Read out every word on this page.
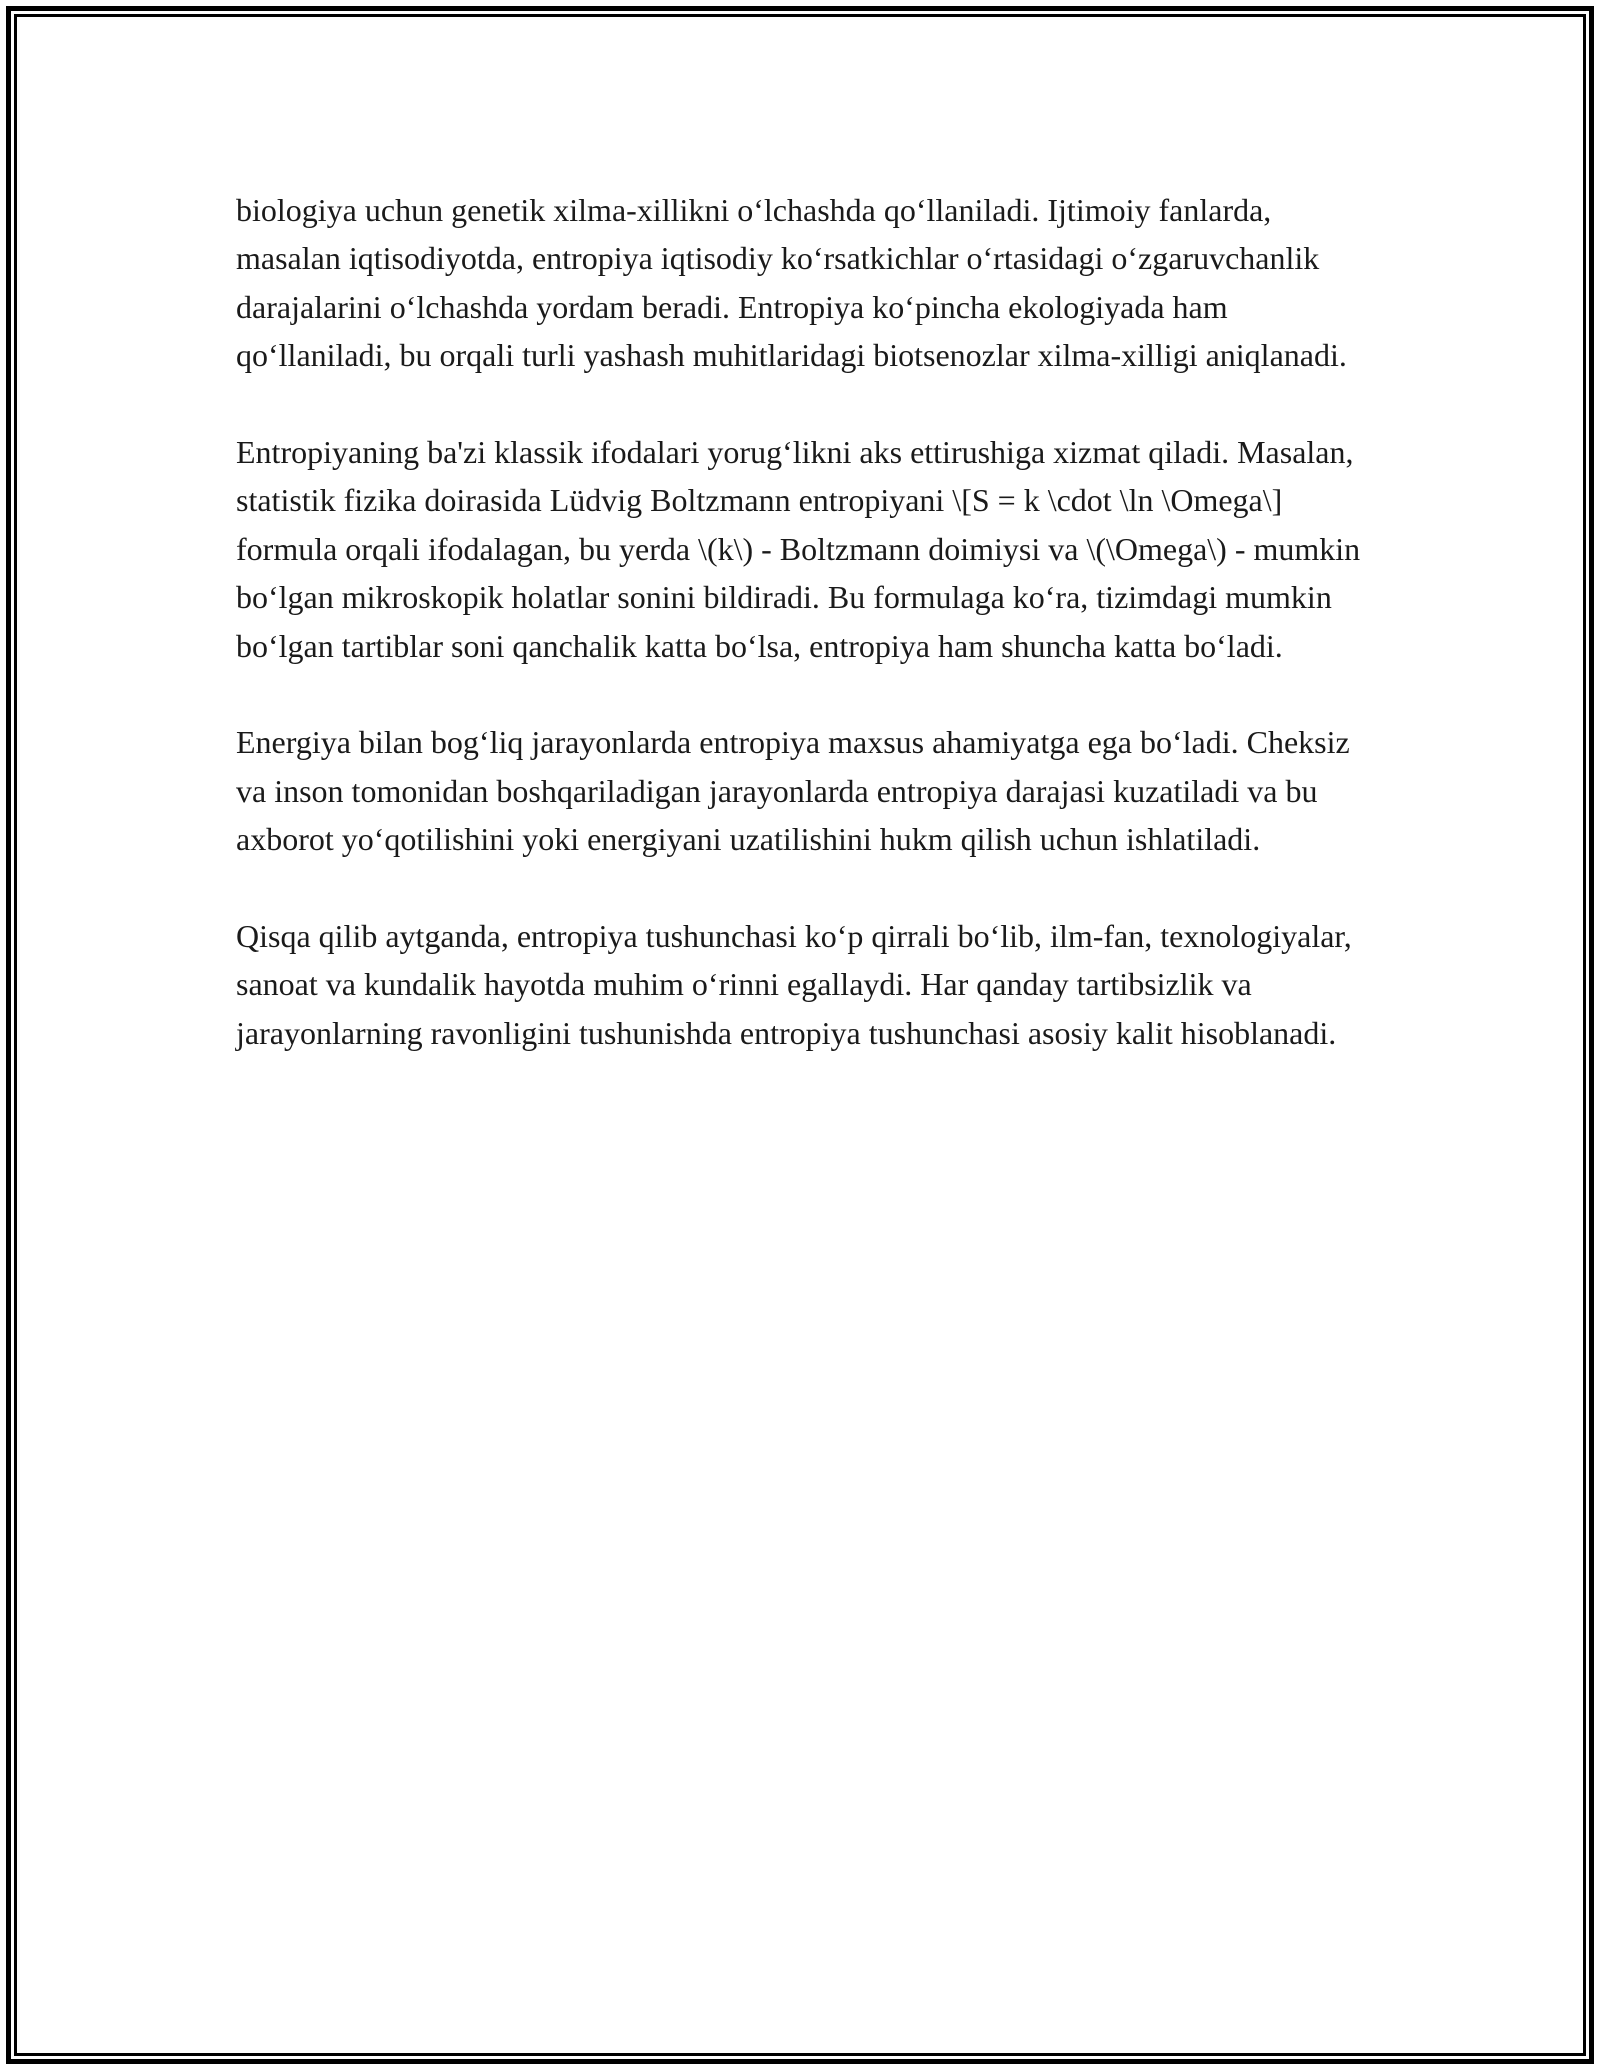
biologiya uchun genetik xilma-xillikni o‘lchashda qo‘llaniladi. Ijtimoiy fanlarda, masalan iqtisodiyotda, entropiya iqtisodiy ko‘rsatkichlar o‘rtasidagi o‘zgaruvchanlik darajalarini o‘lchashda yordam beradi. Entropiya ko‘pincha ekologiyada ham qo‘llaniladi, bu orqali turli yashash muhitlaridagi biotsenozlar xilma-xilligi aniqlanadi.

Entropiyaning ba'zi klassik ifodalari yorug‘likni aks ettirushiga xizmat qiladi. Masalan, statistik fizika doirasida Lüdvig Boltzmann entropiyani \[S = k \cdot \ln \Omega\] formula orqali ifodalagan, bu yerda \(k\) - Boltzmann doimiysi va \(\Omega\) - mumkin bo‘lgan mikroskopik holatlar sonini bildiradi. Bu formulaga ko‘ra, tizimdagi mumkin bo‘lgan tartiblar soni qanchalik katta bo‘lsa, entropiya ham shuncha katta bo‘ladi.

Energiya bilan bog‘liq jarayonlarda entropiya maxsus ahamiyatga ega bo‘ladi. Cheksiz va inson tomonidan boshqariladigan jarayonlarda entropiya darajasi kuzatiladi va bu axborot yo‘qotilishini yoki energiyani uzatilishini hukm qilish uchun ishlatiladi.

Qisqa qilib aytganda, entropiya tushunchasi ko‘p qirrali bo‘lib, ilm-fan, texnologiyalar, sanoat va kundalik hayotda muhim o‘rinni egallaydi. Har qanday tartibsizlik va jarayonlarning ravonligini tushunishda entropiya tushunchasi asosiy kalit hisoblanadi.
